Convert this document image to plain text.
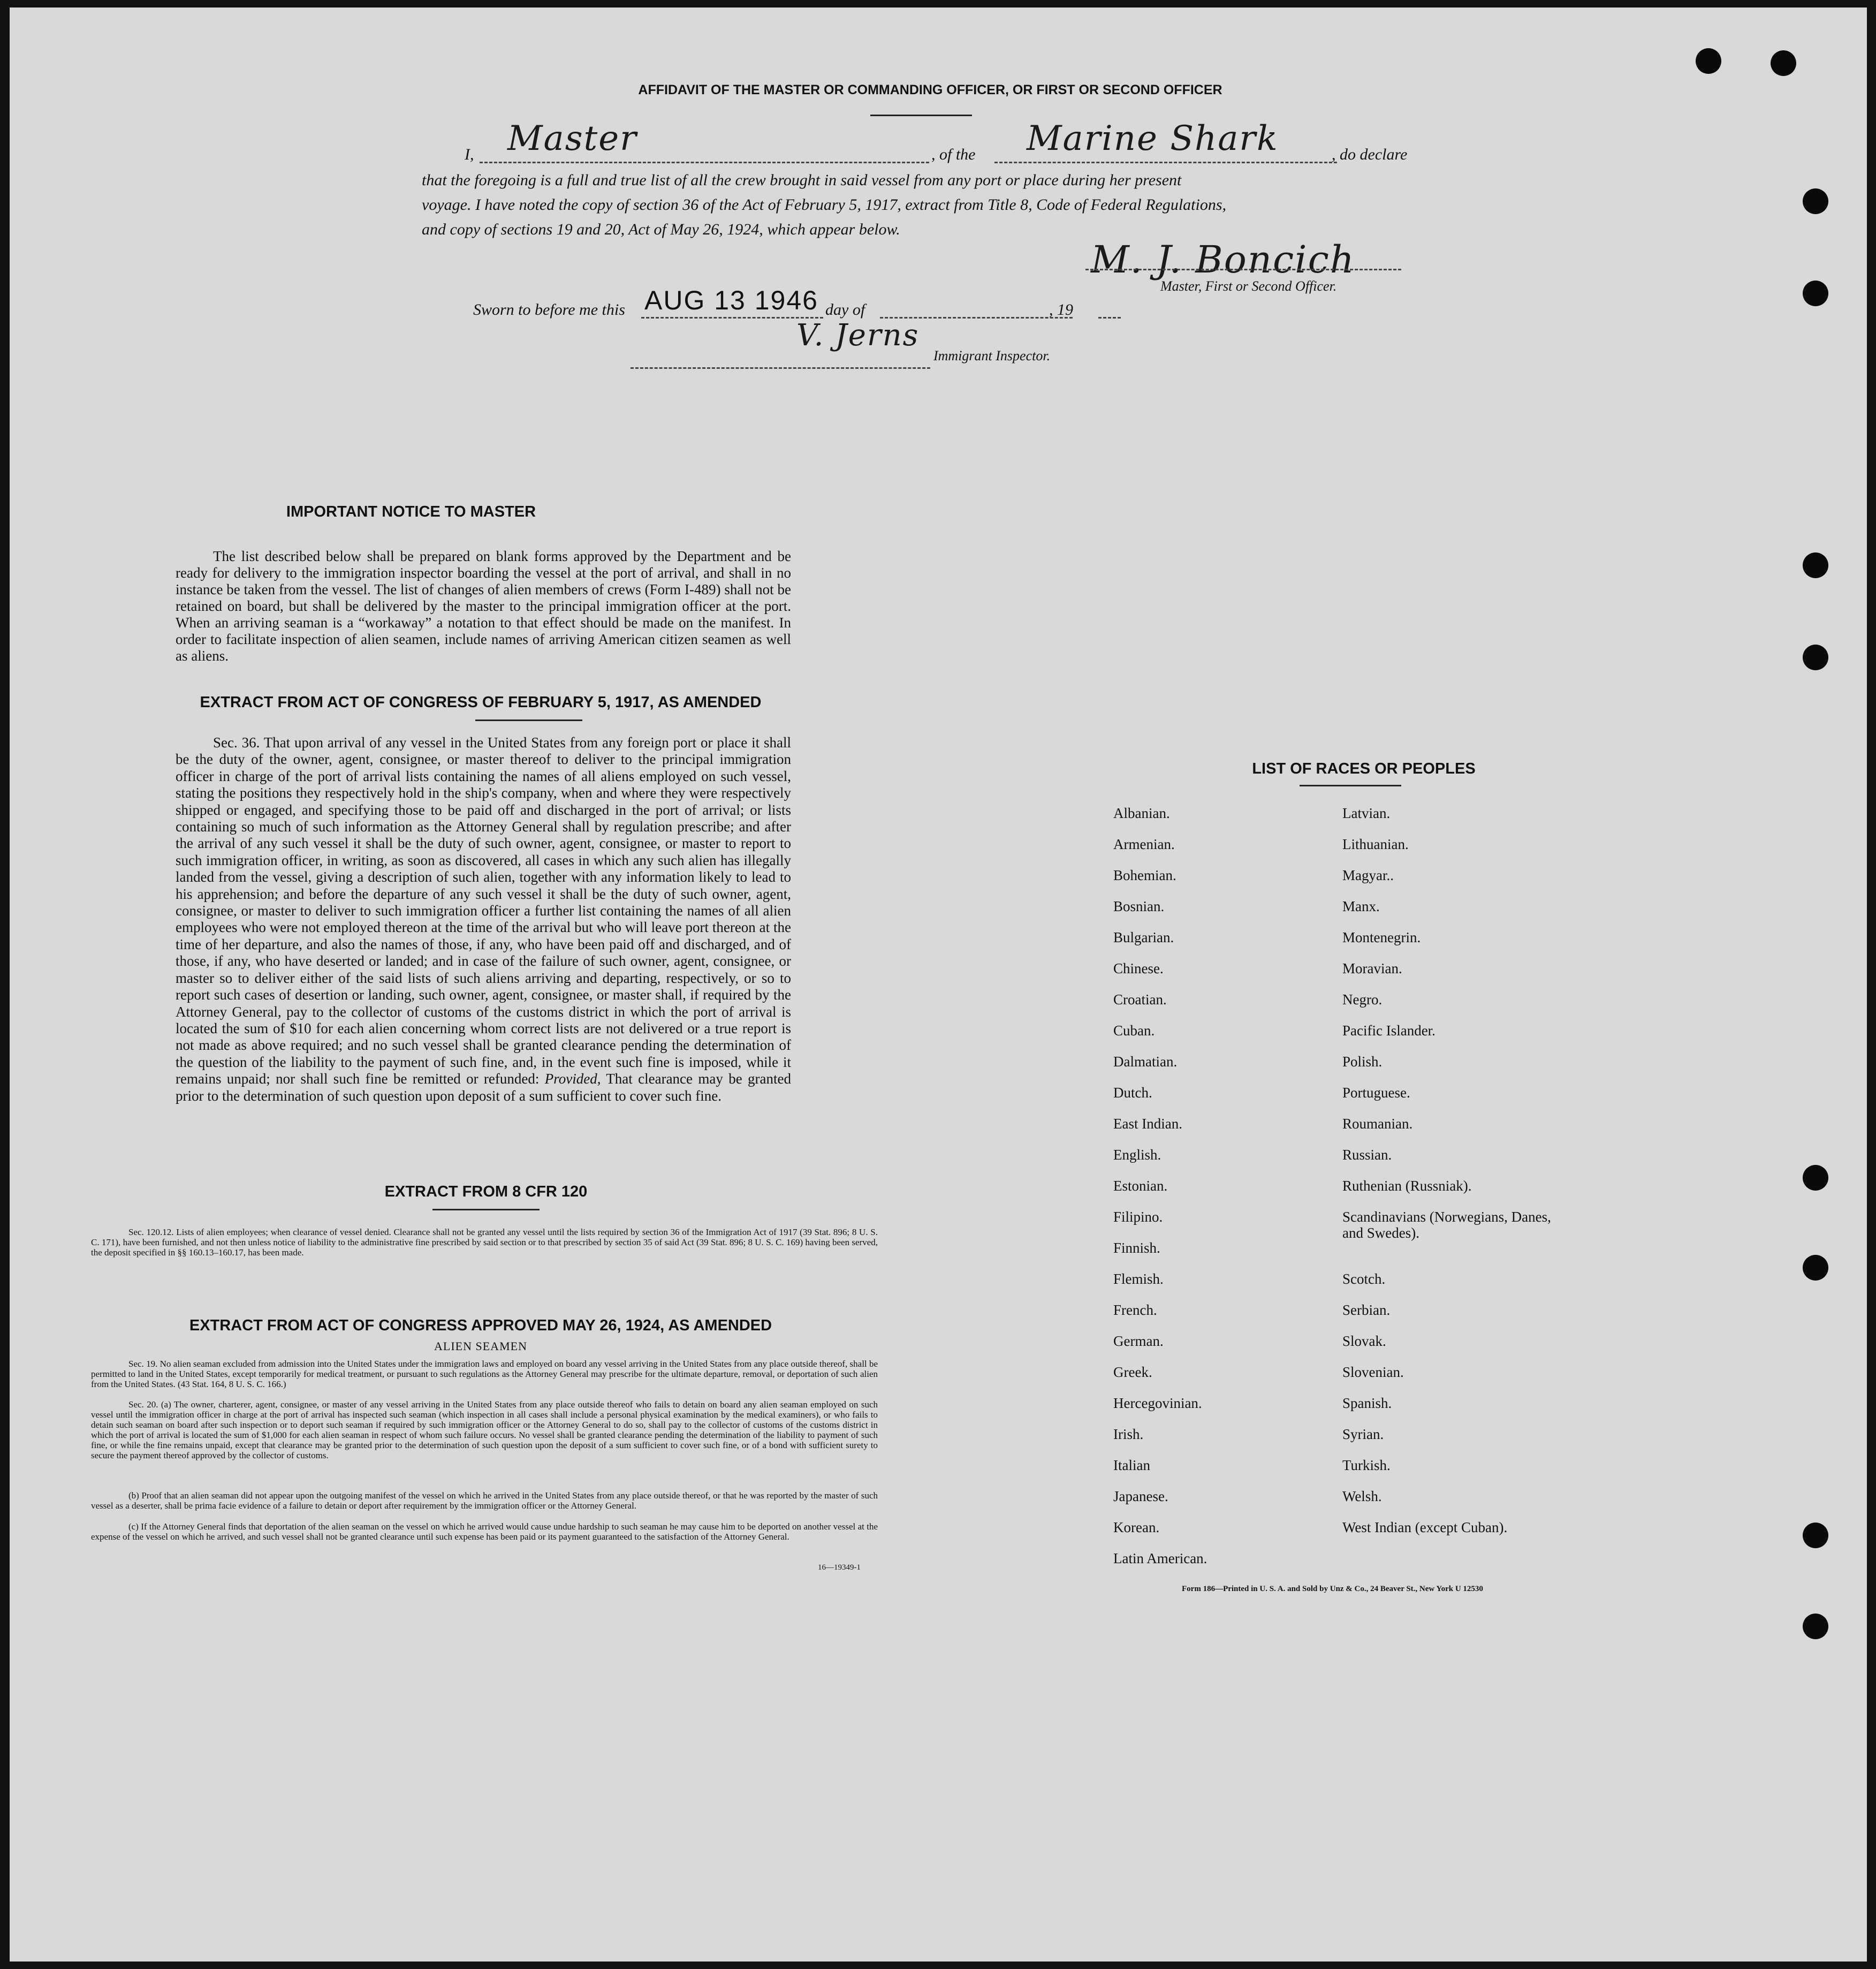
AFFIDAVIT OF THE MASTER OR COMMANDING OFFICER, OR FIRST OR SECOND OFFICER
I, Master	, of the Marine Shark	, do declare
that the foregoing is a full and true list of all the crew brought in said vessel from any port or place during her present
voyage. I have noted the copy of section 36 of the Act of February 5, 1917, extract from Title 8, Code of Federal Regulations,
and copy of sections 19 and 20, Act of May 26, 1924, which appear below.
M. J. Boncich
Master, First or Second Officer.
Sworn to before me this AUG 13 1946 day of	, 19
V. Jerns
Immigrant Inspector.
IMPORTANT NOTICE TO MASTER

The list described below shall be prepared on blank forms approved by the Department and be ready for delivery to the immigration inspector boarding the vessel at the port of arrival, and shall in no instance be taken from the vessel. The list of changes of alien members of crews (Form I-489) shall not be retained on board, but shall be delivered by the master to the principal immigration officer at the port. When an arriving seaman is a “workaway” a notation to that effect should be made on the manifest. In order to facilitate inspection of alien seamen, include names of arriving American citizen seamen as well as aliens.

EXTRACT FROM ACT OF CONGRESS OF FEBRUARY 5, 1917, AS AMENDED

Sec. 36. That upon arrival of any vessel in the United States from any foreign port or place it shall be the duty of the owner, agent, consignee, or master thereof to deliver to the principal immigration officer in charge of the port of arrival lists containing the names of all aliens employed on such vessel, stating the positions they respectively hold in the ship's company, when and where they were respectively shipped or engaged, and specifying those to be paid off and discharged in the port of arrival; or lists containing so much of such information as the Attorney General shall by regulation prescribe; and after the arrival of any such vessel it shall be the duty of such owner, agent, consignee, or master to report to such immigration officer, in writing, as soon as discovered, all cases in which any such alien has illegally landed from the vessel, giving a description of such alien, together with any information likely to lead to his apprehension; and before the departure of any such vessel it shall be the duty of such owner, agent, consignee, or master to deliver to such immigration officer a further list containing the names of all alien employees who were not employed thereon at the time of the arrival but who will leave port thereon at the time of her departure, and also the names of those, if any, who have been paid off and discharged, and of those, if any, who have deserted or landed; and in case of the failure of such owner, agent, consignee, or master so to deliver either of the said lists of such aliens arriving and departing, respectively, or so to report such cases of desertion or landing, such owner, agent, consignee, or master shall, if required by the Attorney General, pay to the collector of customs of the customs district in which the port of arrival is located the sum of $10 for each alien concerning whom correct lists are not delivered or a true report is not made as above required; and no such vessel shall be granted clearance pending the determination of the question of the liability to the payment of such fine, and, in the event such fine is imposed, while it remains unpaid; nor shall such fine be remitted or refunded: Provided, That clearance may be granted prior to the determination of such question upon deposit of a sum sufficient to cover such fine.

EXTRACT FROM 8 CFR 120

Sec. 120.12. Lists of alien employees; when clearance of vessel denied. Clearance shall not be granted any vessel until the lists required by section 36 of the Immigration Act of 1917 (39 Stat. 896; 8 U. S. C. 171), have been furnished, and not then unless notice of liability to the administrative fine prescribed by said section or to that prescribed by section 35 of said Act (39 Stat. 896; 8 U. S. C. 169) having been served, the deposit specified in §§ 160.13–160.17, has been made.

EXTRACT FROM ACT OF CONGRESS APPROVED MAY 26, 1924, AS AMENDED
ALIEN SEAMEN

Sec. 19. No alien seaman excluded from admission into the United States under the immigration laws and employed on board any vessel arriving in the United States from any place outside thereof, shall be permitted to land in the United States, except temporarily for medical treatment, or pursuant to such regulations as the Attorney General may prescribe for the ultimate departure, removal, or deportation of such alien from the United States. (43 Stat. 164, 8 U. S. C. 166.)

Sec. 20. (a) The owner, charterer, agent, consignee, or master of any vessel arriving in the United States from any place outside thereof who fails to detain on board any alien seaman employed on such vessel until the immigration officer in charge at the port of arrival has inspected such seaman (which inspection in all cases shall include a personal physical examination by the medical examiners), or who fails to detain such seaman on board after such inspection or to deport such seaman if required by such immigration officer or the Attorney General to do so, shall pay to the collector of customs of the customs district in which the port of arrival is located the sum of $1,000 for each alien seaman in respect of whom such failure occurs. No vessel shall be granted clearance pending the determination of the liability to payment of such fine, or while the fine remains unpaid, except that clearance may be granted prior to the determination of such question upon the deposit of a sum sufficient to cover such fine, or of a bond with sufficient surety to secure the payment thereof approved by the collector of customs.

(b) Proof that an alien seaman did not appear upon the outgoing manifest of the vessel on which he arrived in the United States from any place outside thereof, or that he was reported by the master of such vessel as a deserter, shall be prima facie evidence of a failure to detain or deport after requirement by the immigration officer or the Attorney General.

(c) If the Attorney General finds that deportation of the alien seaman on the vessel on which he arrived would cause undue hardship to such seaman he may cause him to be deported on another vessel at the expense of the vessel on which he arrived, and such vessel shall not be granted clearance until such expense has been paid or its payment guaranteed to the satisfaction of the Attorney General.

16—19349-1
LIST OF RACES OR PEOPLES
Albanian.
Armenian.
Bohemian.
Bosnian.
Bulgarian.
Chinese.
Croatian.
Cuban.
Dalmatian.
Dutch.
East Indian.
English.
Estonian.
Filipino.
Finnish.
Flemish.
French.
German.
Greek.
Hercegovinian.
Irish.
Italian
Japanese.
Korean.
Latin American.
Latvian.
Lithuanian.
Magyar..
Manx.
Montenegrin.
Moravian.
Negro.
Pacific Islander.
Polish.
Portuguese.
Roumanian.
Russian.
Ruthenian (Russniak).
Scandinavians (Norwegians, Danes, and Swedes).
Scotch.
Serbian.
Slovak.
Slovenian.
Spanish.
Syrian.
Turkish.
Welsh.
West Indian (except Cuban).
Form 186—Printed in U. S. A. and Sold by Unz & Co., 24 Beaver St., New York U 12530
